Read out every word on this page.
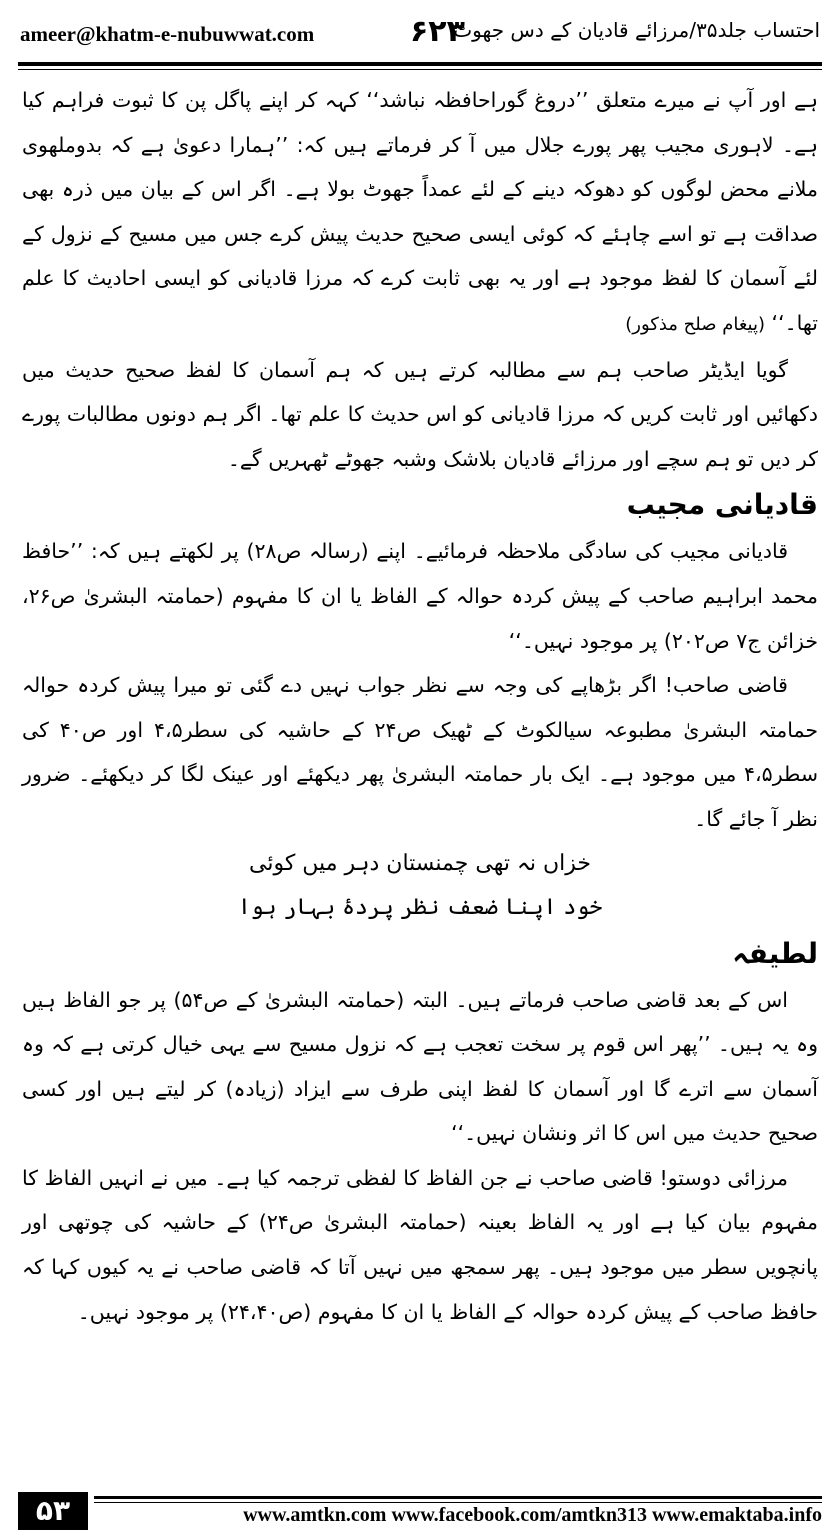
ameer@khatm-e-nubuwwat.com	۶۲۳
احتساب جلد۳۵/مرزائے قادیان کے دس جھوٹ

ہے اور آپ نے میرے متعلق ’’دروغ گوراحافظہ نباشد‘‘ کہہ کر اپنے پاگل پن کا ثبوت فراہم کیا ہے۔ لاہوری مجیب پھر پورے جلال میں آ کر فرماتے ہیں کہ: ’’ہمارا دعویٰ ہے کہ بدوملھوی ملانے محض لوگوں کو دھوکہ دینے کے لئے عمداً جھوٹ بولا ہے۔ اگر اس کے بیان میں ذرہ بھی صداقت ہے تو اسے چاہئے کہ کوئی ایسی صحیح حدیث پیش کرے جس میں مسیح کے نزول کے لئے آسمان کا لفظ موجود ہے اور یہ بھی ثابت کرے کہ مرزا قادیانی کو ایسی احادیث کا علم تھا۔‘‘ (پیغام صلح مذکور)

گویا ایڈیٹر صاحب ہم سے مطالبہ کرتے ہیں کہ ہم آسمان کا لفظ صحیح حدیث میں دکھائیں اور ثابت کریں کہ مرزا قادیانی کو اس حدیث کا علم تھا۔ اگر ہم دونوں مطالبات پورے کر دیں تو ہم سچے اور مرزائے قادیان بلاشک وشبہ جھوٹے ٹھہریں گے۔

قادیانی مجیب

قادیانی مجیب کی سادگی ملاحظہ فرمائیے۔ اپنے (رسالہ ص۲۸) پر لکھتے ہیں کہ: ’’حافظ محمد ابراہیم صاحب کے پیش کردہ حوالہ کے الفاظ یا ان کا مفہوم (حمامتہ البشریٰ ص۲۶، خزائن ج۷ ص۲۰۲) پر موجود نہیں۔‘‘

قاضی صاحب! اگر بڑھاپے کی وجہ سے نظر جواب نہیں دے گئی تو میرا پیش کردہ حوالہ حمامتہ البشریٰ مطبوعہ سیالکوٹ کے ٹھیک ص۲۴ کے حاشیہ کی سطر۴،۵ اور ص۴۰ کی سطر۴،۵ میں موجود ہے۔ ایک بار حمامتہ البشریٰ پھر دیکھئے اور عینک لگا کر دیکھئے۔ ضرور نظر آ جائے گا۔

خزاں نہ تھی چمنستان دہر میں کوئی
خود اپنا ضعف نظر پردۂ بہار ہوا
لطیفہ

اس کے بعد قاضی صاحب فرماتے ہیں۔ البتہ (حمامتہ البشریٰ کے ص۵۴) پر جو الفاظ ہیں وہ یہ ہیں۔ ’’پھر اس قوم پر سخت تعجب ہے کہ نزول مسیح سے یہی خیال کرتی ہے کہ وہ آسمان سے اترے گا اور آسمان کا لفظ اپنی طرف سے ایزاد (زیادہ) کر لیتے ہیں اور کسی صحیح حدیث میں اس کا اثر ونشان نہیں۔‘‘

مرزائی دوستو! قاضی صاحب نے جن الفاظ کا لفظی ترجمہ کیا ہے۔ میں نے انہیں الفاظ کا مفہوم بیان کیا ہے اور یہ الفاظ بعینہ (حمامتہ البشریٰ ص۲۴) کے حاشیہ کی چوتھی اور پانچویں سطر میں موجود ہیں۔ پھر سمجھ میں نہیں آتا کہ قاضی صاحب نے یہ کیوں کہا کہ حافظ صاحب کے پیش کردہ حوالہ کے الفاظ یا ان کا مفہوم (ص۲۴،۴۰) پر موجود نہیں۔

۵۳	www.amtkn.com www.facebook.com/amtkn313 www.emaktaba.info
